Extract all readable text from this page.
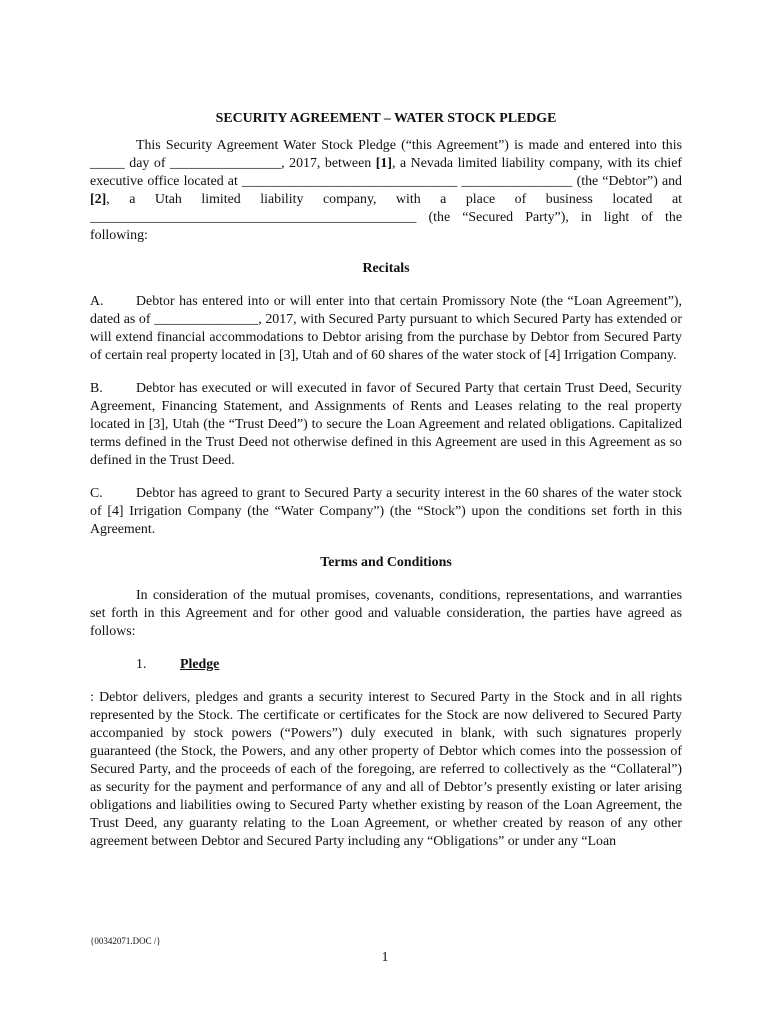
SECURITY AGREEMENT – WATER STOCK PLEDGE

This Security Agreement Water Stock Pledge (“this Agreement”) is made and entered into this _____ day of ________________, 2017, between [1], a Nevada limited liability company, with its chief executive office located at _______________________________ ________________ (the “Debtor”) and [2], a Utah limited liability company, with a place of business located at _______________________________________________ (the “Secured Party”), in light of the following:

Recitals

A. Debtor has entered into or will enter into that certain Promissory Note (the “Loan Agreement”), dated as of _______________, 2017, with Secured Party pursuant to which Secured Party has extended or will extend financial accommodations to Debtor arising from the purchase by Debtor from Secured Party of certain real property located in [3], Utah and of 60 shares of the water stock of [4] Irrigation Company.

B. Debtor has executed or will executed in favor of Secured Party that certain Trust Deed, Security Agreement, Financing Statement, and Assignments of Rents and Leases relating to the real property located in [3], Utah (the “Trust Deed”) to secure the Loan Agreement and related obligations. Capitalized terms defined in the Trust Deed not otherwise defined in this Agreement are used in this Agreement as so defined in the Trust Deed.

C. Debtor has agreed to grant to Secured Party a security interest in the 60 shares of the water stock of [4] Irrigation Company (the “Water Company”) (the “Stock”) upon the conditions set forth in this Agreement.

Terms and Conditions

In consideration of the mutual promises, covenants, conditions, representations, and warranties set forth in this Agreement and for other good and valuable consideration, the parties have agreed as follows:

1. Pledge

: Debtor delivers, pledges and grants a security interest to Secured Party in the Stock and in all rights represented by the Stock. The certificate or certificates for the Stock are now delivered to Secured Party accompanied by stock powers (“Powers”) duly executed in blank, with such signatures properly guaranteed (the Stock, the Powers, and any other property of Debtor which comes into the possession of Secured Party, and the proceeds of each of the foregoing, are referred to collectively as the “Collateral”) as security for the payment and performance of any and all of Debtor’s presently existing or later arising obligations and liabilities owing to Secured Party whether existing by reason of the Loan Agreement, the Trust Deed, any guaranty relating to the Loan Agreement, or whether created by reason of any other agreement between Debtor and Secured Party including any “Obligations” or under any “Loan

{00342071.DOC /}
1
